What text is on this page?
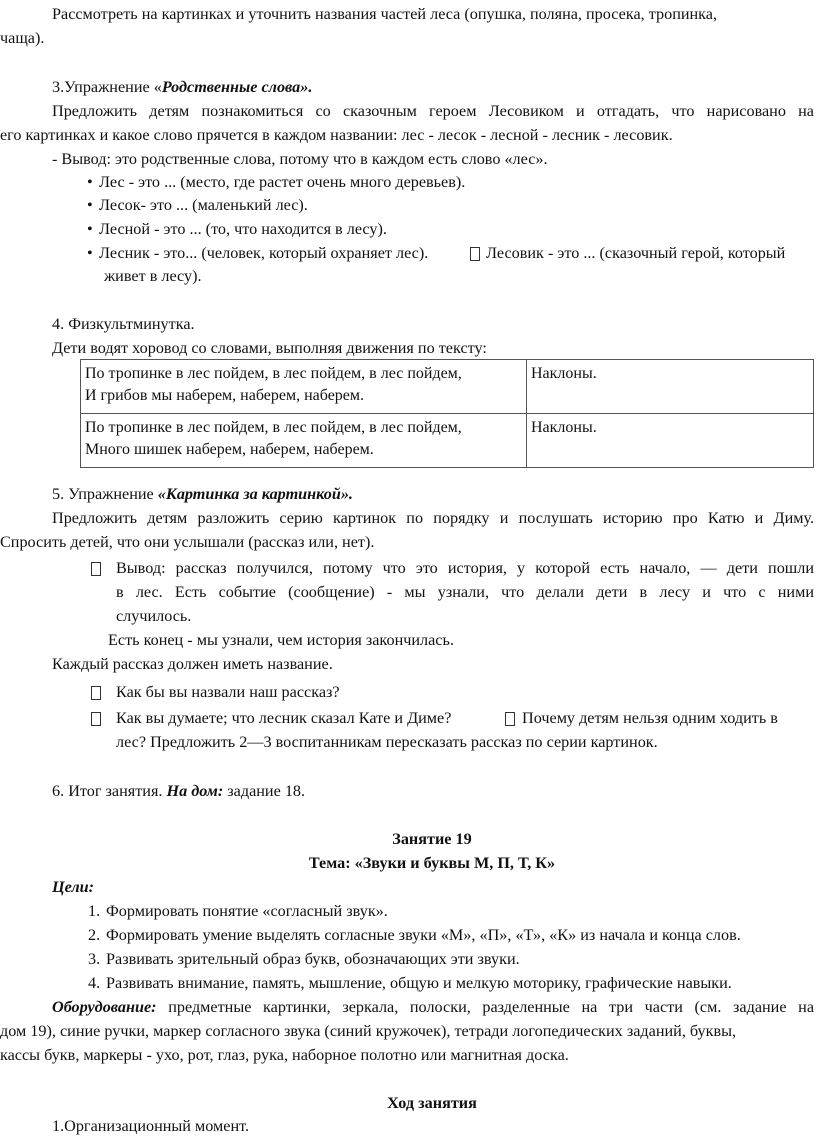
Рассмотреть на картинках и уточнить названия частей леса (опушка, поляна, просека, тропинка,
чаща).
3.Упражнение «Родственные слова».
Предложить детям познакомиться со сказочным героем Лесовиком и отгадать, что нарисовано на
его картинках и какое слово прячется в каждом названии: лес - лесок - лесной - лесник - лесовик.
- Вывод: это родственные слова, потому что в каждом есть слово «лес».
• Лес - это ... (место, где растет очень много деревьев).
• Лесок- это ... (маленький лес).
• Лесной - это ... (то, что находится в лесу).
• Лесник - это... (человек, который охраняет лес).	Лесовик - это ... (сказочный герой, который
живет в лесу).
4. Физкультминутка.
Дети водят хоровод со словами, выполняя движения по тексту:
По тропинке в лес пойдем, в лес пойдем, в лес пойдем,
И грибов мы наберем, наберем, наберем.	Наклоны.
По тропинке в лес пойдем, в лес пойдем, в лес пойдем,
Много шишек наберем, наберем, наберем.	Наклоны.
5. Упражнение «Картинка за картинкой».
Предложить детям разложить серию картинок по порядку и послушать историю про Катю и Диму.
Спросить детей, что они услышали (рассказ или, нет).
Вывод: рассказ получился, потому что это история, у которой есть начало, — дети пошли
в лес. Есть событие (сообщение) - мы узнали, что делали дети в лесу и что с ними
случилось.
Есть конец - мы узнали, чем история закончилась.
Каждый рассказ должен иметь название.
Как бы вы назвали наш рассказ?
Как вы думаете; что лесник сказал Кате и Диме?	Почему детям нельзя одним ходить в
лес? Предложить 2—3 воспитанникам пересказать рассказ по серии картинок.
6. Итог занятия. На дом: задание 18.
Занятие 19
Тема: «Звуки и буквы М, П, Т, К»
Цели:
1. Формировать понятие «согласный звук».
2. Формировать умение выделять согласные звуки «М», «П», «Т», «К» из начала и конца слов.
3. Развивать зрительный образ букв, обозначающих эти звуки.
4. Развивать внимание, память, мышление, общую и мелкую моторику, графические навыки.
Оборудование: предметные картинки, зеркала, полоски, разделенные на три части (см. задание на
дом 19), синие ручки, маркер согласного звука (синий кружочек), тетради логопедических заданий, буквы,
кассы букв, маркеры - ухо, рот, глаз, рука, наборное полотно или магнитная доска.
Ход занятия
1.Организационный момент.
